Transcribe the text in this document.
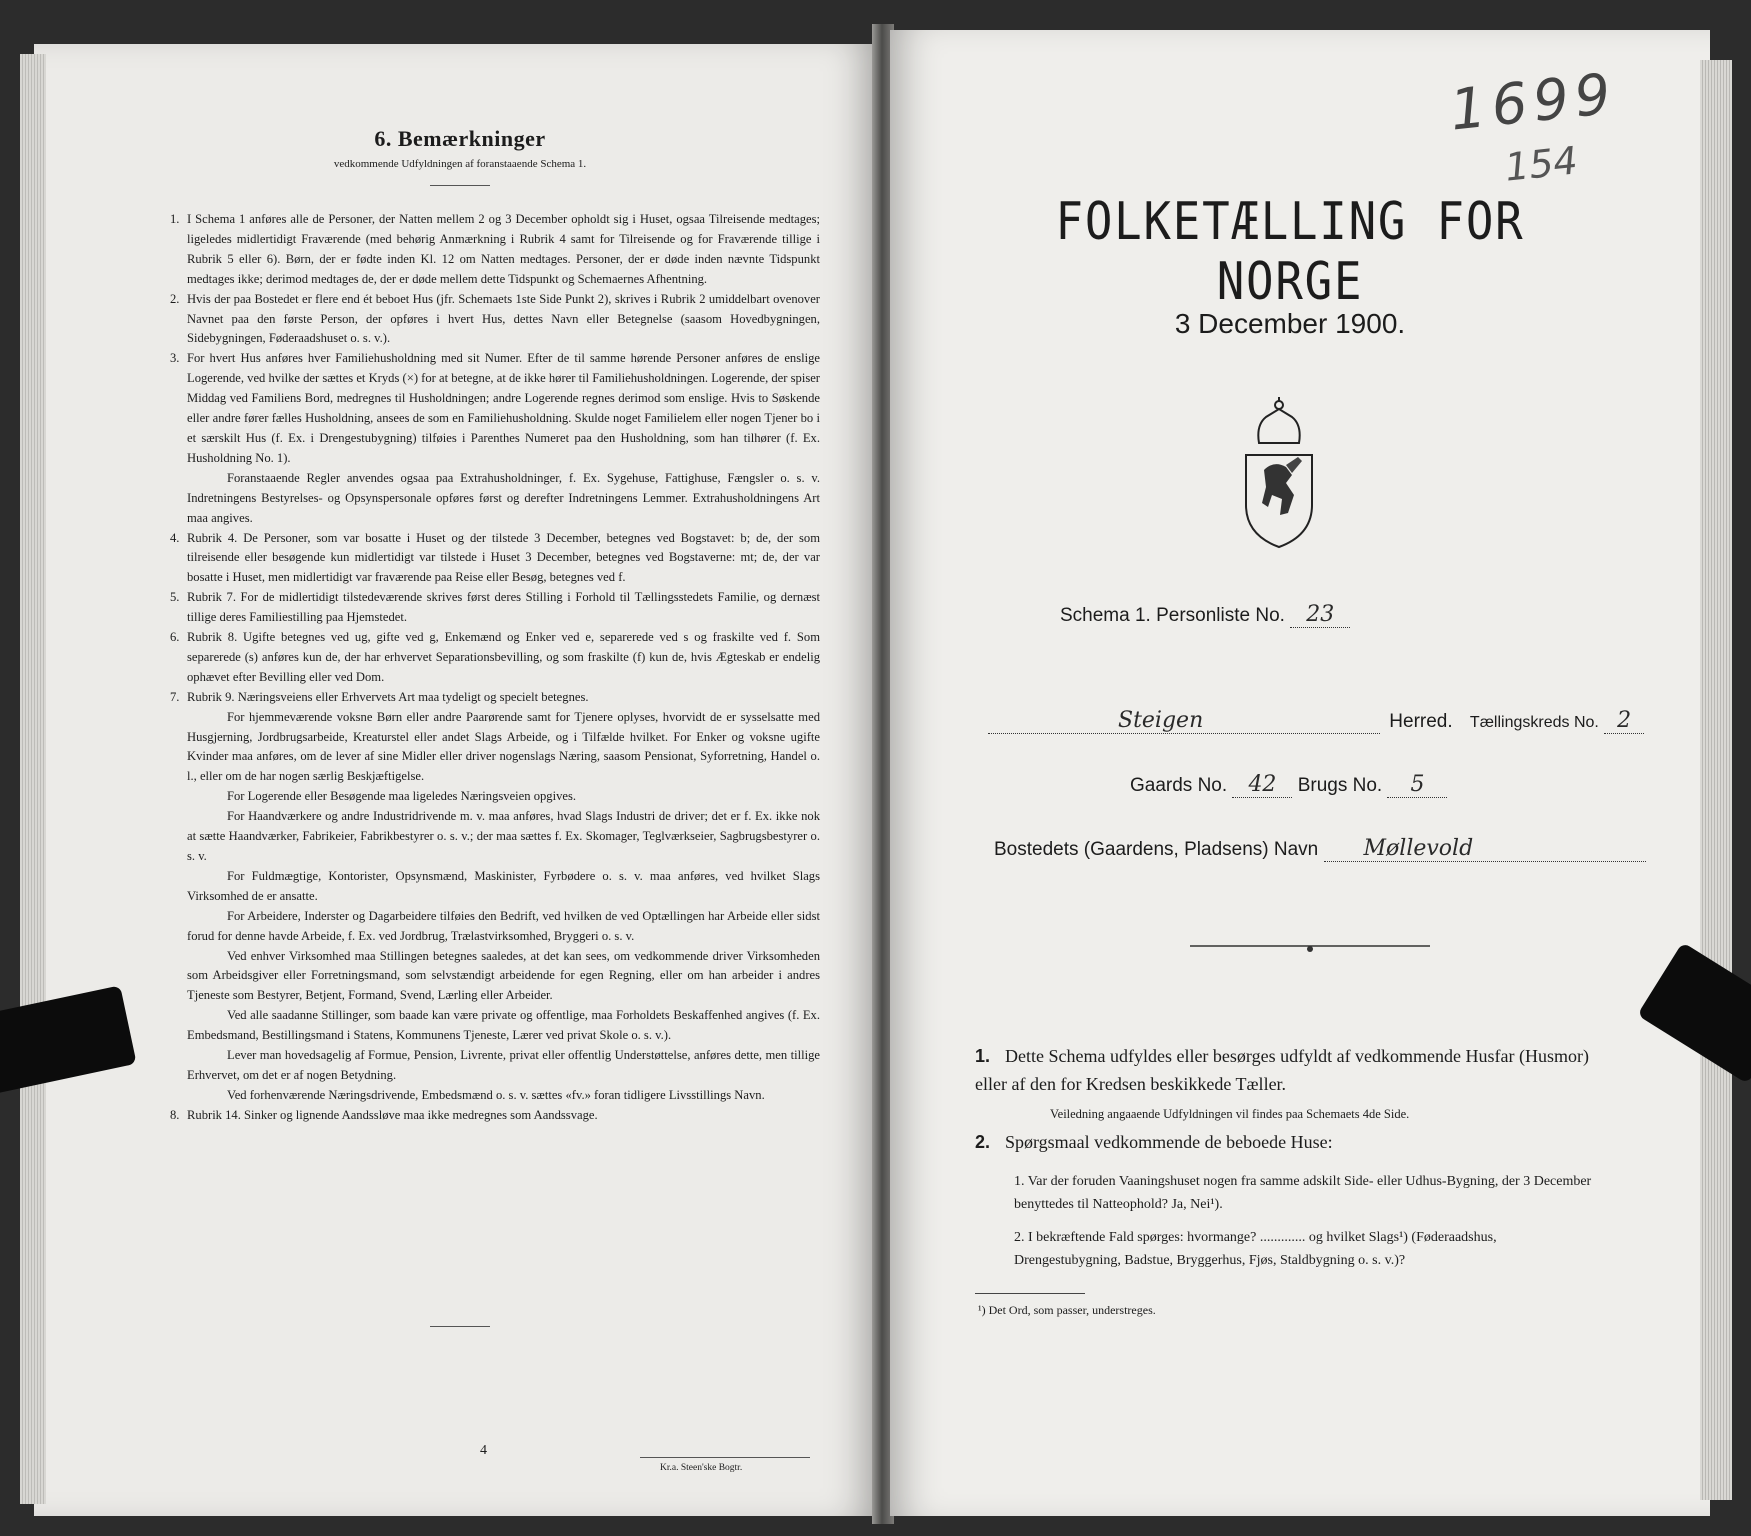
6. Bemærkninger
vedkommende Udfyldningen af foranstaaende Schema 1.
1. I Schema 1 anføres alle de Personer, der Natten mellem 2 og 3 December opholdt sig i Huset, ogsaa Tilreisende medtages; ligeledes midlertidigt Fraværende (med behørig Anmærkning i Rubrik 4 samt for Tilreisende og for Fraværende tillige i Rubrik 5 eller 6). Børn, der er fødte inden Kl. 12 om Natten medtages. Personer, der er døde inden nævnte Tidspunkt medtages ikke; derimod medtages de, der er døde mellem dette Tidspunkt og Schemaernes Afhentning.
2. Hvis der paa Bostedet er flere end ét beboet Hus (jfr. Schemaets 1ste Side Punkt 2), skrives i Rubrik 2 umiddelbart ovenover Navnet paa den første Person, der opføres i hvert Hus, dettes Navn eller Betegnelse (saasom Hovedbygningen, Sidebygningen, Føderaadshuset o. s. v.).
3. For hvert Hus anføres hver Familiehusholdning med sit Numer. Efter de til samme hørende Personer anføres de enslige Logerende, ved hvilke der sættes et Kryds (×) for at betegne, at de ikke hører til Familiehusholdningen. Logerende, der spiser Middag ved Familiens Bord, medregnes til Husholdningen; andre Logerende regnes derimod som enslige. Hvis to Søskende eller andre fører fælles Husholdning, ansees de som en Familiehusholdning. Skulde noget Familielem eller nogen Tjener bo i et særskilt Hus (f. Ex. i Drengestubygning) tilføies i Parenthes Numeret paa den Husholdning, som han tilhører (f. Ex. Husholdning No. 1).
Foranstaaende Regler anvendes ogsaa paa Extrahusholdninger, f. Ex. Sygehuse, Fattighuse, Fængsler o. s. v. Indretningens Bestyrelses- og Opsynspersonale opføres først og derefter Indretningens Lemmer. Extrahusholdningens Art maa angives.
4. Rubrik 4. De Personer, som var bosatte i Huset og der tilstede 3 December, betegnes ved Bogstavet: b; de, der som tilreisende eller besøgende kun midlertidigt var tilstede i Huset 3 December, betegnes ved Bogstaverne: mt; de, der var bosatte i Huset, men midlertidigt var fraværende paa Reise eller Besøg, betegnes ved f.
5. Rubrik 7. For de midlertidigt tilstedeværende skrives først deres Stilling i Forhold til Tællingsstedets Familie, og dernæst tillige deres Familiestilling paa Hjemstedet.
6. Rubrik 8. Ugifte betegnes ved ug, gifte ved g, Enkemænd og Enker ved e, separerede ved s og fraskilte ved f. Som separerede (s) anføres kun de, der har erhvervet Separationsbevilling, og som fraskilte (f) kun de, hvis Ægteskab er endelig ophævet efter Bevilling eller ved Dom.
7. Rubrik 9. Næringsveiens eller Erhvervets Art maa tydeligt og specielt betegnes.
For hjemmeværende voksne Børn eller andre Paarørende samt for Tjenere oplyses, hvorvidt de er sysselsatte med Husgjerning, Jordbrugsarbeide, Kreaturstel eller andet Slags Arbeide, og i Tilfælde hvilket. For Enker og voksne ugifte Kvinder maa anføres, om de lever af sine Midler eller driver nogenslags Næring, saasom Pensionat, Syforretning, Handel o. l., eller om de har nogen særlig Beskjæftigelse.
For Logerende eller Besøgende maa ligeledes Næringsveien opgives.
For Haandværkere og andre Industridrivende m. v. maa anføres, hvad Slags Industri de driver; det er f. Ex. ikke nok at sætte Haandværker, Fabrikeier, Fabrikbestyrer o. s. v.; der maa sættes f. Ex. Skomager, Teglværkseier, Sagbrugsbestyrer o. s. v.
For Fuldmægtige, Kontorister, Opsynsmænd, Maskinister, Fyrbødere o. s. v. maa anføres, ved hvilket Slags Virksomhed de er ansatte.
For Arbeidere, Inderster og Dagarbeidere tilføies den Bedrift, ved hvilken de ved Optællingen har Arbeide eller sidst forud for denne havde Arbeide, f. Ex. ved Jordbrug, Trælastvirksomhed, Bryggeri o. s. v.
Ved enhver Virksomhed maa Stillingen betegnes saaledes, at det kan sees, om vedkommende driver Virksomheden som Arbeidsgiver eller Forretningsmand, som selvstændigt arbeidende for egen Regning, eller om han arbeider i andres Tjeneste som Bestyrer, Betjent, Formand, Svend, Lærling eller Arbeider.
Ved alle saadanne Stillinger, som baade kan være private og offentlige, maa Forholdets Beskaffenhed angives (f. Ex. Embedsmand, Bestillingsmand i Statens, Kommunens Tjeneste, Lærer ved privat Skole o. s. v.).
Lever man hovedsagelig af Formue, Pension, Livrente, privat eller offentlig Understøttelse, anføres dette, men tillige Erhvervet, om det er af nogen Betydning.
Ved forhenværende Næringsdrivende, Embedsmænd o. s. v. sættes «fv.» foran tidligere Livsstillings Navn.
8. Rubrik 14. Sinker og lignende Aandssløve maa ikke medregnes som Aandssvage.
4
Kr.a. Steen'ske Bogtr.
1699
154
FOLKETÆLLING FOR NORGE
3 December 1900.
Schema 1. Personliste No. 23
Steigen	Herred. Tællingskreds No. 2
Gaards No. 42 Brugs No. 5
Bostedets (Gaardens, Pladsens) Navn Møllevold
1. Dette Schema udfyldes eller besørges udfyldt af vedkommende Husfar (Husmor) eller af den for Kredsen beskikkede Tæller.
Veiledning angaaende Udfyldningen vil findes paa Schemaets 4de Side.
2. Spørgsmaal vedkommende de beboede Huse:
1. Var der foruden Vaaningshuset nogen fra samme adskilt Side- eller Udhus-Bygning, der 3 December benyttedes til Natteophold? Ja, Nei¹).
2. I bekræftende Fald spørges: hvormange? ............. og hvilket Slags¹) (Føderaadshus, Drengestubygning, Badstue, Bryggerhus, Fjøs, Staldbygning o. s. v.)?
¹) Det Ord, som passer, understreges.
